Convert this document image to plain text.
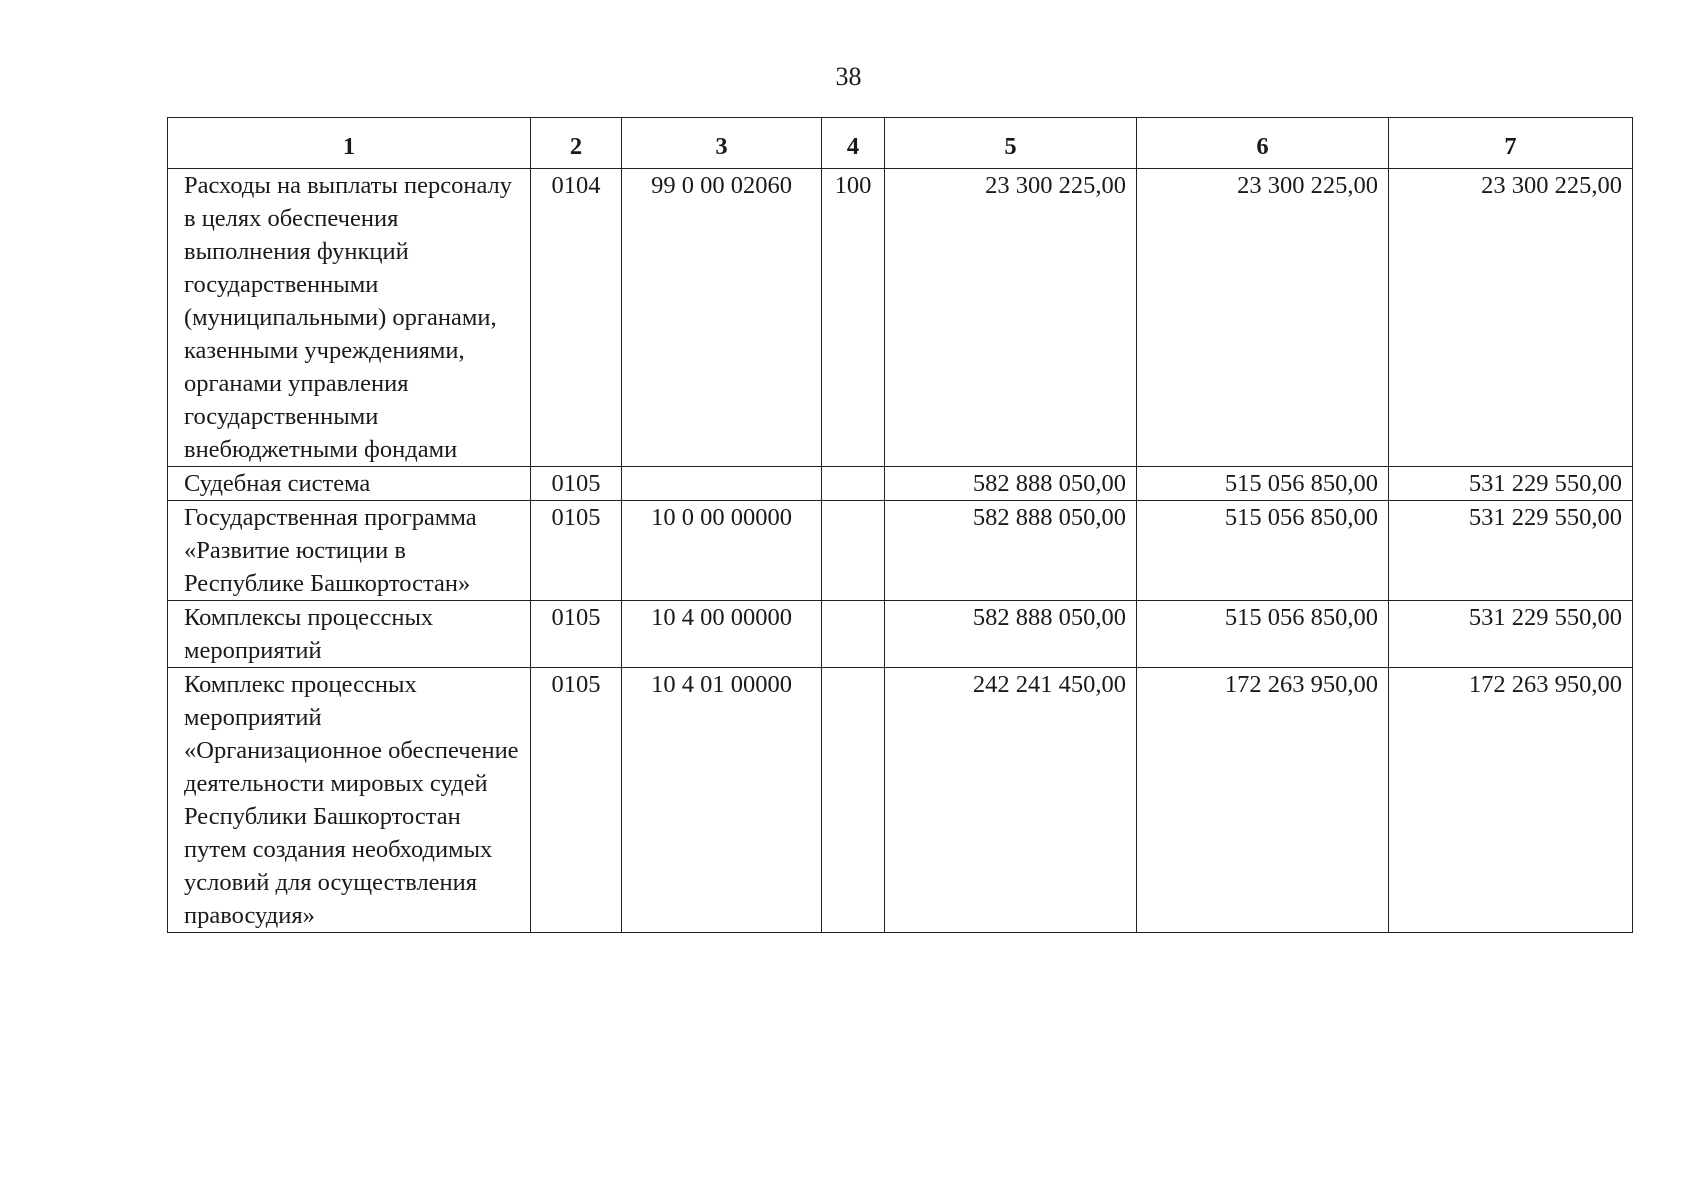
38
1	2	3	4	5	6	7
Расходы на выплаты персоналу в целях обеспечения выполнения функций государственными (муниципальными) органами, казенными учреждениями, органами управления государственными внебюджетными фондами	0104	99 0 00 02060	100	23 300 225,00	23 300 225,00	23 300 225,00
Судебная система	0105			582 888 050,00	515 056 850,00	531 229 550,00
Государственная программа «Развитие юстиции в Республике Башкортостан»	0105	10 0 00 00000		582 888 050,00	515 056 850,00	531 229 550,00
Комплексы процессных мероприятий	0105	10 4 00 00000		582 888 050,00	515 056 850,00	531 229 550,00
Комплекс процессных мероприятий «Организационное обеспечение деятельности мировых судей Республики Башкортостан путем создания необходимых условий для осуществления правосудия»	0105	10 4 01 00000		242 241 450,00	172 263 950,00	172 263 950,00
